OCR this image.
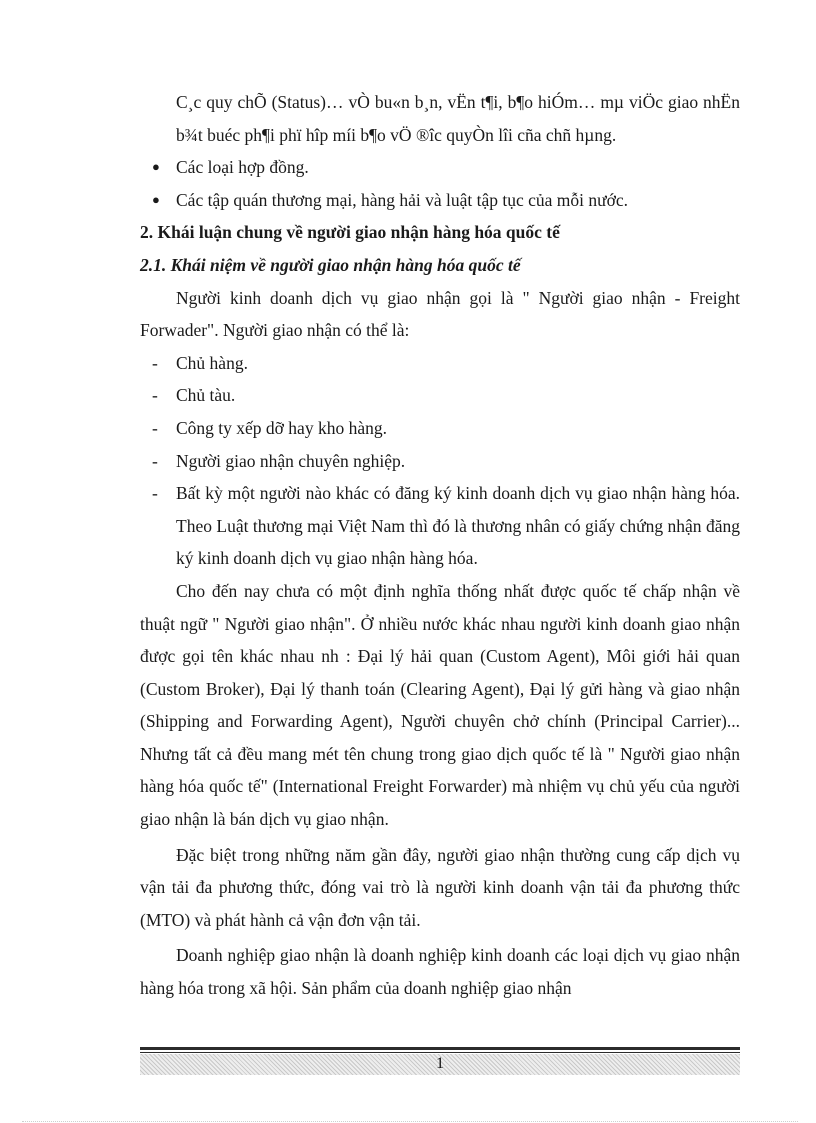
C¸c quy chÕ (Status)… vÒ bu«n b¸n, vËn t¶i, b¶o hiÓm… mµ viÖc giao nhËn b¾t buéc ph¶i phï hîp míi b¶o vÖ ®îc quyÒn lîi cña chñ hµng.

● Các loại hợp đồng.
● Các tập quán thương mại, hàng hải và luật tập tục của mỗi nước.

2. Khái luận chung về người giao nhận hàng hóa quốc tế

2.1. Khái niệm về người giao nhận hàng hóa quốc tế

Người kinh doanh dịch vụ giao nhận gọi là " Người giao nhận - Freight Forwader". Người giao nhận có thể là:

- Chủ hàng.
- Chủ tàu.
- Công ty xếp dỡ hay kho hàng.
- Người giao nhận chuyên nghiệp.
- Bất kỳ một người nào khác có đăng ký kinh doanh dịch vụ giao nhận hàng hóa. Theo Luật thương mại Việt Nam thì đó là thương nhân có giấy chứng nhận đăng ký kinh doanh dịch vụ giao nhận hàng hóa.

Cho đến nay chưa có một định nghĩa thống nhất được quốc tế chấp nhận về thuật ngữ " Người giao nhận". Ở nhiều nước khác nhau người kinh doanh giao nhận được gọi tên khác nhau nh : Đại lý hải quan (Custom Agent), Môi giới hải quan (Custom Broker), Đại lý thanh toán (Clearing Agent), Đại lý gửi hàng và giao nhận (Shipping and Forwarding Agent), Người chuyên chở chính (Principal Carrier)... Nhưng tất cả đều mang mét tên chung trong giao dịch quốc tế là " Người giao nhận hàng hóa quốc tế" (International Freight Forwarder) mà nhiệm vụ chủ yếu của người giao nhận là bán dịch vụ giao nhận.

Đặc biệt trong những năm gần đây, người giao nhận thường cung cấp dịch vụ vận tải đa phương thức, đóng vai trò là người kinh doanh vận tải đa phương thức (MTO) và phát hành cả vận đơn vận tải.

Doanh nghiệp giao nhận là doanh nghiệp kinh doanh các loại dịch vụ giao nhận hàng hóa trong xã hội. Sản phẩm của doanh nghiệp giao nhận

1
